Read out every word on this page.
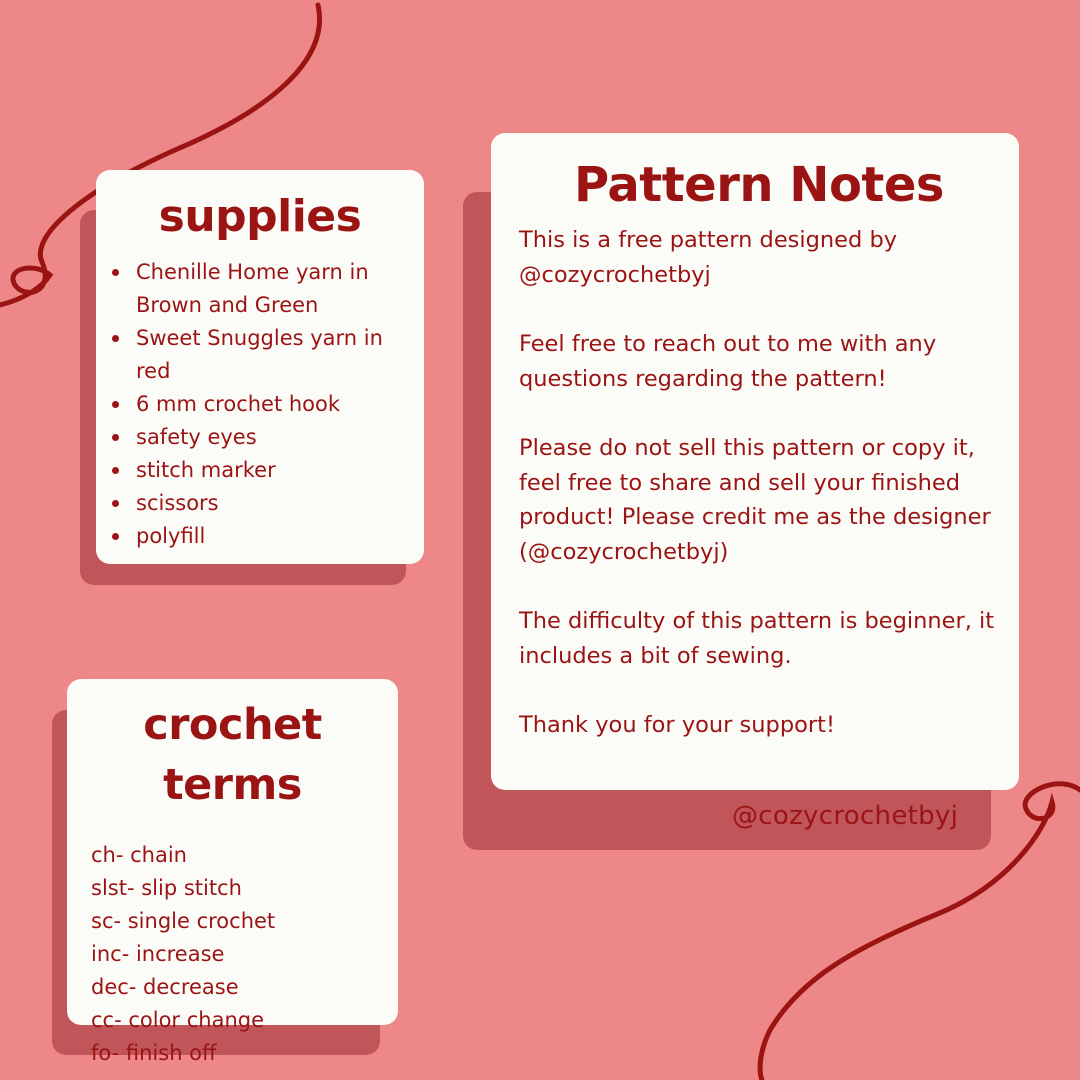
supplies
Chenille Home yarn in Brown and Green
Sweet Snuggles yarn in red
6 mm crochet hook
safety eyes
stitch marker
scissors
polyfill
crochet terms
ch- chain
slst- slip stitch
sc- single crochet
inc- increase
dec- decrease
cc- color change
fo- finish off
Pattern Notes

This is a free pattern designed by @cozycrochetbyj

Feel free to reach out to me with any questions regarding the pattern!

Please do not sell this pattern or copy it, feel free to share and sell your finished product! Please credit me as the designer (@cozycrochetbyj)

The difficulty of this pattern is beginner, it includes a bit of sewing.

Thank you for your support!

@cozycrochetbyj
